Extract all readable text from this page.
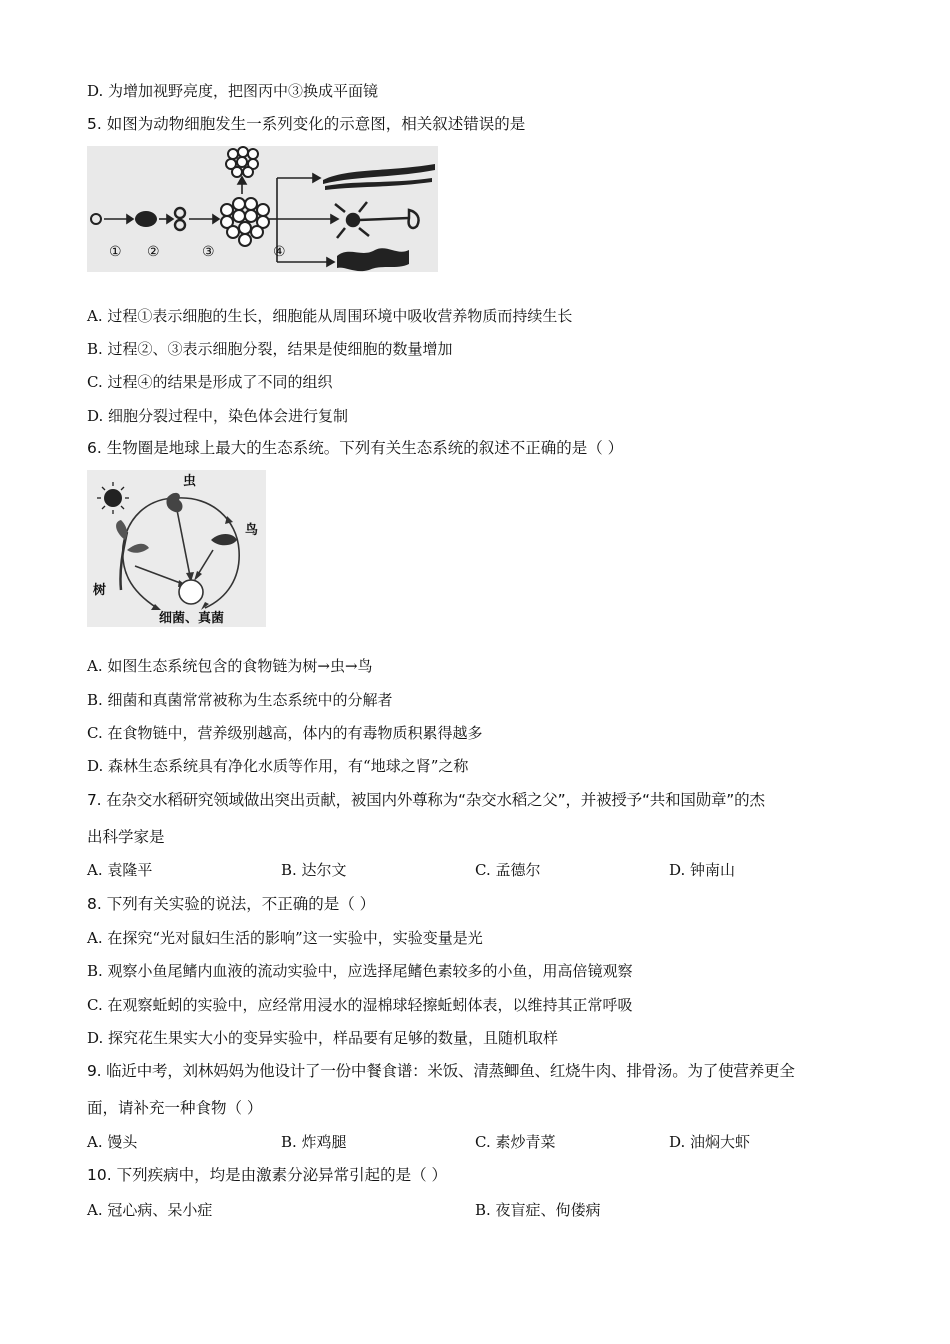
D. 为增加视野亮度，把图丙中③换成平面镜
5. 如图为动物细胞发生一系列变化的示意图，相关叙述错误的是
① ②	③	④
A. 过程①表示细胞的生长，细胞能从周围环境中吸收营养物质而持续生长
B. 过程②、③表示细胞分裂，结果是使细胞的数量增加
C. 过程④的结果是形成了不同的组织
D. 细胞分裂过程中，染色体会进行复制
6. 生物圈是地球上最大的生态系统。下列有关生态系统的叙述不正确的是（ ）
虫
鸟
树
细菌、真菌
A. 如图生态系统包含的食物链为树→虫→鸟
B. 细菌和真菌常常被称为生态系统中的分解者
C. 在食物链中，营养级别越高，体内的有毒物质积累得越多
D. 森林生态系统具有净化水质等作用，有“地球之肾”之称
7. 在杂交水稻研究领域做出突出贡献，被国内外尊称为“杂交水稻之父”，并被授予“共和国勋章”的杰
出科学家是
A. 袁隆平	B. 达尔文	C. 孟德尔	D. 钟南山
8. 下列有关实验的说法，不正确的是（ ）
A. 在探究“光对鼠妇生活的影响”这一实验中，实验变量是光
B. 观察小鱼尾鳍内血液的流动实验中，应选择尾鳍色素较多的小鱼，用高倍镜观察
C. 在观察蚯蚓的实验中，应经常用浸水的湿棉球轻擦蚯蚓体表，以维持其正常呼吸
D. 探究花生果实大小的变异实验中，样品要有足够的数量，且随机取样
9. 临近中考，刘林妈妈为他设计了一份中餐食谱：米饭、清蒸鲫鱼、红烧牛肉、排骨汤。为了使营养更全
面，请补充一种食物（ ）
A. 馒头	B. 炸鸡腿	C. 素炒青菜	D. 油焖大虾
10. 下列疾病中，均是由激素分泌异常引起的是（ ）
A. 冠心病、呆小症	B. 夜盲症、佝偻病
